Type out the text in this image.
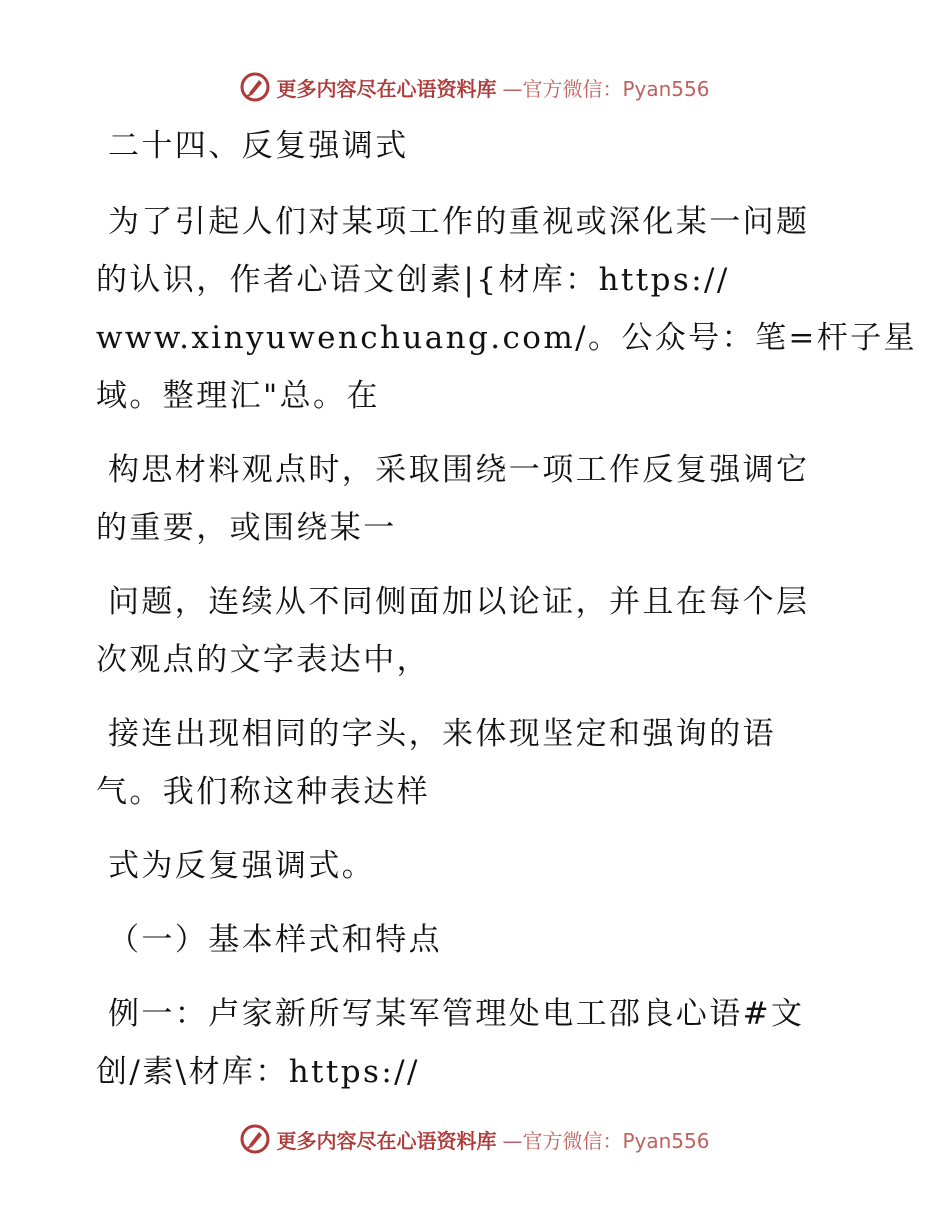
更多内容尽在心语资料库 —官方微信：Pyan556
二十四、反复强调式
为了引起人们对某项工作的重视或深化某一问题
的认识，作者心语文创素|{材库：https://
www.xinyuwenchuang.com/。公众号：笔=杆子星
域。整理汇"总。在
构思材料观点时，采取围绕一项工作反复强调它
的重要，或围绕某一
问题，连续从不同侧面加以论证，并且在每个层
次观点的文字表达中，
接连出现相同的字头，来体现坚定和强询的语
气。我们称这种表达样
式为反复强调式。
（一）基本样式和特点
例一：卢家新所写某军管理处电工邵良心语#文
创/素\材库：https://
更多内容尽在心语资料库 —官方微信：Pyan556
